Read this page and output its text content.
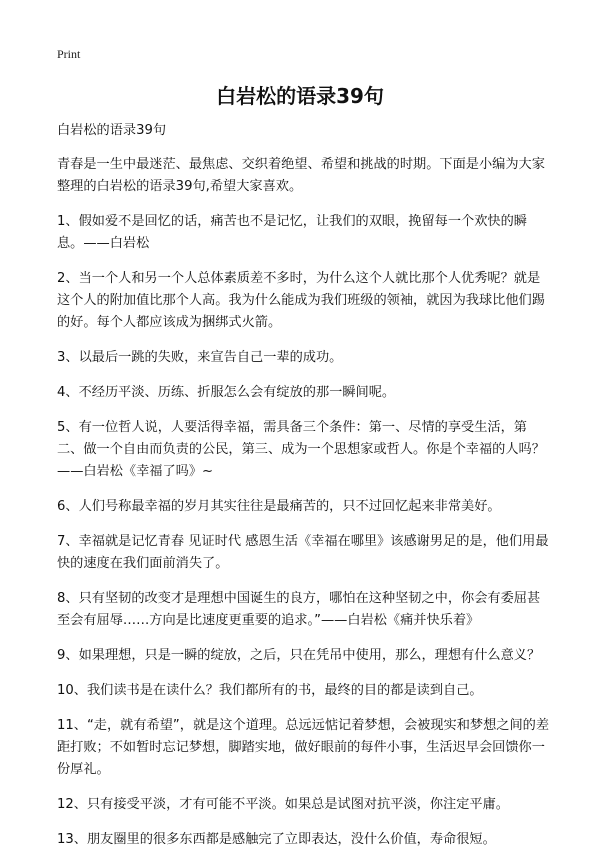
Print
白岩松的语录39句

白岩松的语录39句

青春是一生中最迷茫、最焦虑、交织着绝望、希望和挑战的时期。下面是小编为大家整理的白岩松的语录39句,希望大家喜欢。

1、假如爱不是回忆的话，痛苦也不是记忆，让我们的双眼，挽留每一个欢快的瞬息。——白岩松

2、当一个人和另一个人总体素质差不多时，为什么这个人就比那个人优秀呢？就是这个人的附加值比那个人高。我为什么能成为我们班级的领袖，就因为我球比他们踢的好。每个人都应该成为捆绑式火箭。

3、以最后一跳的失败，来宣告自己一辈的成功。

4、不经历平淡、历练、折服怎么会有绽放的那一瞬间呢。

5、有一位哲人说，人要活得幸福，需具备三个条件：第一、尽情的享受生活，第二、做一个自由而负责的公民，第三、成为一个思想家或哲人。你是个幸福的人吗？——白岩松《幸福了吗》~

6、人们号称最幸福的岁月其实往往是最痛苦的，只不过回忆起来非常美好。

7、幸福就是记忆青春 见证时代 感恩生活《幸福在哪里》该感谢男足的是，他们用最快的速度在我们面前消失了。

8、只有坚韧的改变才是理想中国诞生的良方，哪怕在这种坚韧之中，你会有委屈甚至会有屈辱……方向是比速度更重要的追求。”——白岩松《痛并快乐着》

9、如果理想，只是一瞬的绽放，之后，只在凭吊中使用，那么，理想有什么意义？

10、我们读书是在读什么？我们都所有的书，最终的目的都是读到自己。

11、“走，就有希望”，就是这个道理。总远远惦记着梦想，会被现实和梦想之间的差距打败；不如暂时忘记梦想，脚踏实地，做好眼前的每件小事，生活迟早会回馈你一份厚礼。

12、只有接受平淡，才有可能不平淡。如果总是试图对抗平淡，你注定平庸。

13、朋友圈里的很多东西都是感触完了立即表达，没什么价值，寿命很短。
